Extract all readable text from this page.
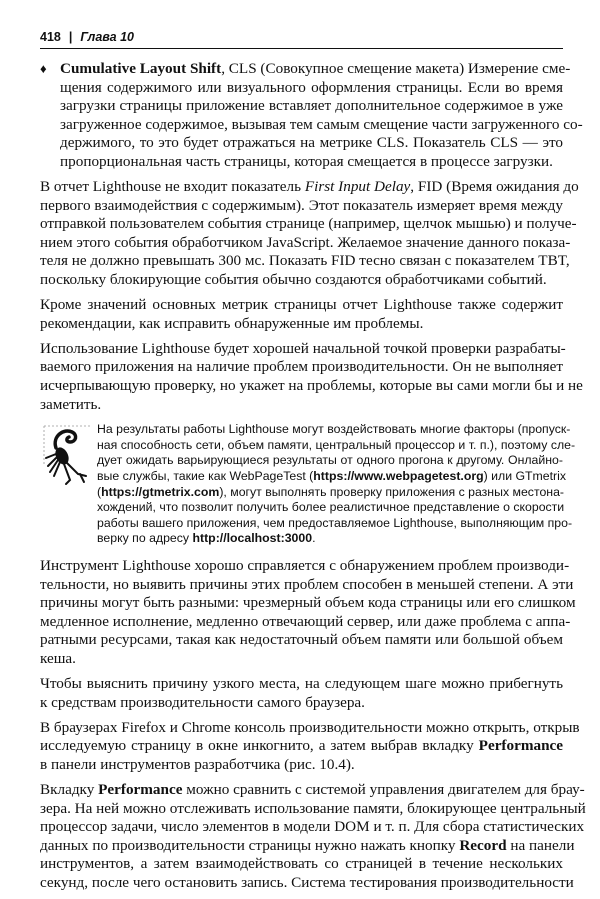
418 | Глава 10
♦ Cumulative Layout Shift, CLS (Совокупное смещение макета) Измерение сме-
щения содержимого или визуального оформления страницы. Если во время
загрузки страницы приложение вставляет дополнительное содержимое в уже
загруженное содержимое, вызывая тем самым смещение части загруженного со-
держимого, то это будет отражаться на метрике CLS. Показатель CLS — это
пропорциональная часть страницы, которая смещается в процессе загрузки.
В отчет Lighthouse не входит показатель First Input Delay, FID (Время ожидания до
первого взаимодействия с содержимым). Этот показатель измеряет время между
отправкой пользователем события странице (например, щелчок мышью) и получе-
нием этого события обработчиком JavaScript. Желаемое значение данного показа-
теля не должно превышать 300 мс. Показать FID тесно связан с показателем TBT,
поскольку блокирующие события обычно создаются обработчиками событий.
Кроме значений основных метрик страницы отчет Lighthouse также содержит
рекомендации, как исправить обнаруженные им проблемы.
Использование Lighthouse будет хорошей начальной точкой проверки разрабаты-
ваемого приложения на наличие проблем производительности. Он не выполняет
исчерпывающую проверку, но укажет на проблемы, которые вы сами могли бы и не
заметить.
На результаты работы Lighthouse могут воздействовать многие факторы (пропуск-
ная способность сети, объем памяти, центральный процессор и т. п.), поэтому сле-
дует ожидать варьирующиеся результаты от одного прогона к другому. Онлайно-
вые службы, такие как WebPageTest (https://www.webpagetest.org) или GTmetrix
(https://gtmetrix.com), могут выполнять проверку приложения с разных местона-
хождений, что позволит получить более реалистичное представление о скорости
работы вашего приложения, чем предоставляемое Lighthouse, выполняющим про-
верку по адресу http://localhost:3000.
Инструмент Lighthouse хорошо справляется с обнаружением проблем производи-
тельности, но выявить причины этих проблем способен в меньшей степени. А эти
причины могут быть разными: чрезмерный объем кода страницы или его слишком
медленное исполнение, медленно отвечающий сервер, или даже проблема с аппа-
ратными ресурсами, такая как недостаточный объем памяти или большой объем
кеша.
Чтобы выяснить причину узкого места, на следующем шаге можно прибегнуть
к средствам производительности самого браузера.
В браузерах Firefox и Chrome консоль производительности можно открыть, открыв
исследуемую страницу в окне инкогнито, а затем выбрав вкладку Performance
в панели инструментов разработчика (рис. 10.4).
Вкладку Performance можно сравнить с системой управления двигателем для брау-
зера. На ней можно отслеживать использование памяти, блокирующее центральный
процессор задачи, число элементов в модели DOM и т. п. Для сбора статистических
данных по производительности страницы нужно нажать кнопку Record на панели
инструментов, а затем взаимодействовать со страницей в течение нескольких
секунд, после чего остановить запись. Система тестирования производительности
